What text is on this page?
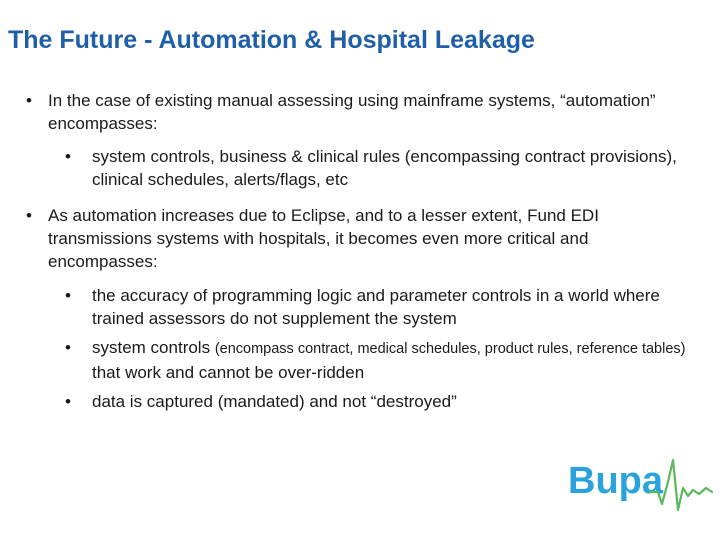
The Future - Automation & Hospital Leakage
• In the case of existing manual assessing using mainframe systems, “automation” encompasses:
• system controls, business & clinical rules (encompassing contract provisions), clinical schedules, alerts/flags, etc
• As automation increases due to Eclipse, and to a lesser extent, Fund EDI transmissions systems with hospitals, it becomes even more critical and encompasses:
• the accuracy of programming logic and parameter controls in a world where trained assessors do not supplement the system
• system controls (encompass contract, medical schedules, product rules, reference tables) that work and cannot be over-ridden
• data is captured (mandated) and not “destroyed”
Bupa
